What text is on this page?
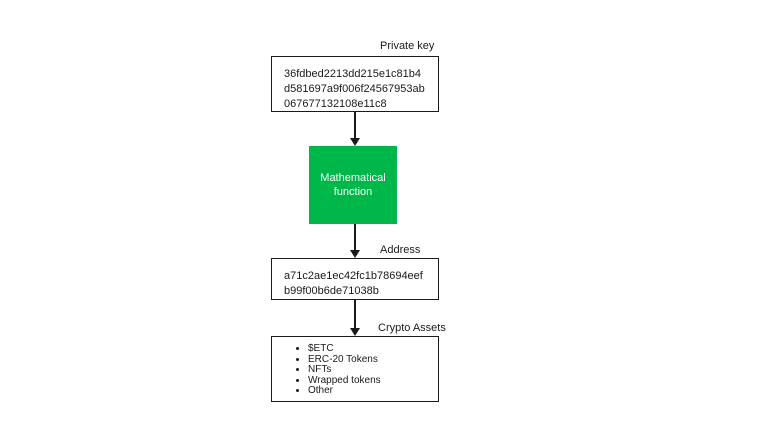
Private key
36fdbed2213dd215e1c81b4d581697a9f006f24567953ab067677132108e11c8
Mathematical
function
Address
a71c2ae1ec42fc1b78694eefb99f00b6de71038b
Crypto Assets
• $ETC
• ERC-20 Tokens
• NFTs
• Wrapped tokens
• Other
